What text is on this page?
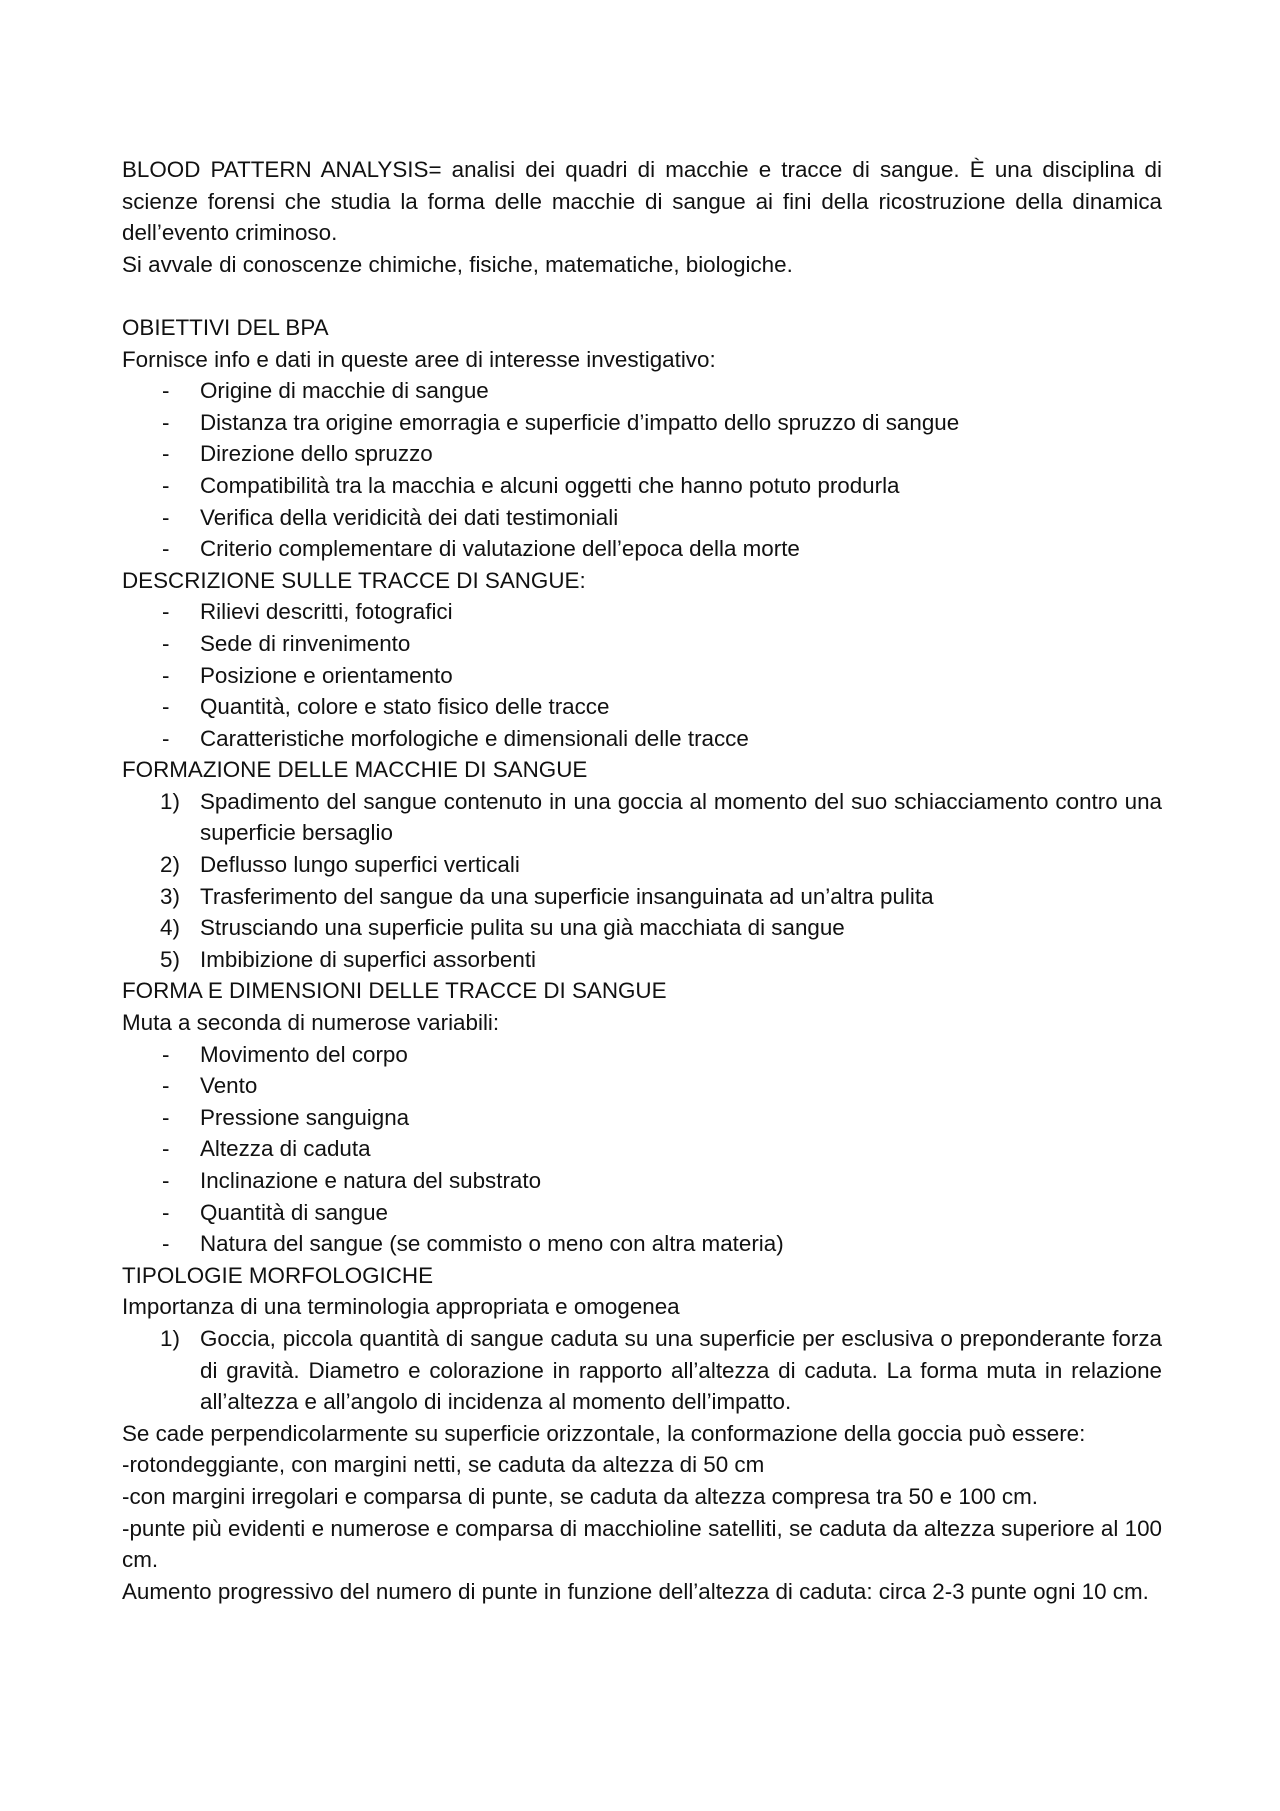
BLOOD PATTERN ANALYSIS= analisi dei quadri di macchie e tracce di sangue. È una disciplina di scienze forensi che studia la forma delle macchie di sangue ai fini della ricostruzione della dinamica dell’evento criminoso.

Si avvale di conoscenze chimiche, fisiche, matematiche, biologiche.

OBIETTIVI DEL BPA

Fornisce info e dati in queste aree di interesse investigativo:

- Origine di macchie di sangue
- Distanza tra origine emorragia e superficie d’impatto dello spruzzo di sangue
- Direzione dello spruzzo
- Compatibilità tra la macchia e alcuni oggetti che hanno potuto produrla
- Verifica della veridicità dei dati testimoniali
- Criterio complementare di valutazione dell’epoca della morte

DESCRIZIONE SULLE TRACCE DI SANGUE:

- Rilievi descritti, fotografici
- Sede di rinvenimento
- Posizione e orientamento
- Quantità, colore e stato fisico delle tracce
- Caratteristiche morfologiche e dimensionali delle tracce

FORMAZIONE DELLE MACCHIE DI SANGUE

1) Spadimento del sangue contenuto in una goccia al momento del suo schiacciamento contro una superficie bersaglio
2) Deflusso lungo superfici verticali
3) Trasferimento del sangue da una superficie insanguinata ad un’altra pulita
4) Strusciando una superficie pulita su una già macchiata di sangue
5) Imbibizione di superfici assorbenti

FORMA E DIMENSIONI DELLE TRACCE DI SANGUE

Muta a seconda di numerose variabili:

- Movimento del corpo
- Vento
- Pressione sanguigna
- Altezza di caduta
- Inclinazione e natura del substrato
- Quantità di sangue
- Natura del sangue (se commisto o meno con altra materia)

TIPOLOGIE MORFOLOGICHE

Importanza di una terminologia appropriata e omogenea

1) Goccia, piccola quantità di sangue caduta su una superficie per esclusiva o preponderante forza di gravità. Diametro e colorazione in rapporto all’altezza di caduta. La forma muta in relazione all’altezza e all’angolo di incidenza al momento dell’impatto.

Se cade perpendicolarmente su superficie orizzontale, la conformazione della goccia può essere:

-rotondeggiante, con margini netti, se caduta da altezza di 50 cm

-con margini irregolari e comparsa di punte, se caduta da altezza compresa tra 50 e 100 cm.

-punte più evidenti e numerose e comparsa di macchioline satelliti, se caduta da altezza superiore al 100 cm.

Aumento progressivo del numero di punte in funzione dell’altezza di caduta: circa 2-3 punte ogni 10 cm.
